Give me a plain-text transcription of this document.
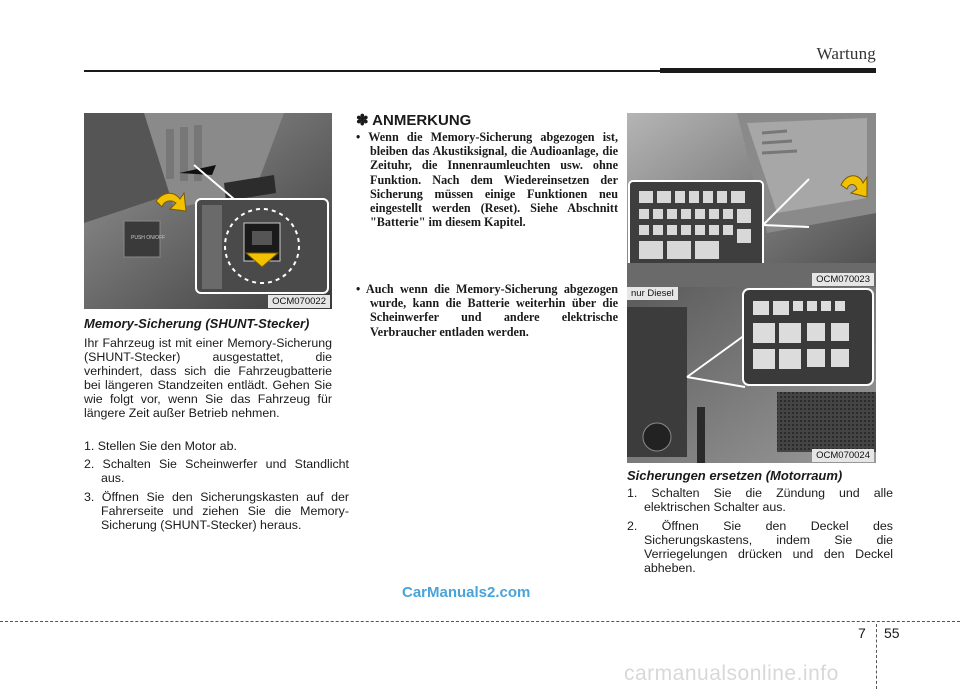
Wartung
PUSH ON/OFF
OCM070022
Memory-Sicherung (SHUNT-Stecker)
Ihr Fahrzeug ist mit einer Memory-Sicherung (SHUNT-Stecker) ausgestattet, die verhindert, dass sich die Fahrzeugbatterie bei längeren Standzeiten entlädt. Gehen Sie wie folgt vor, wenn Sie das Fahrzeug für längere Zeit außer Betrieb nehmen.
1. Stellen Sie den Motor ab.
2. Schalten Sie Scheinwerfer und Standlicht aus.
3. Öffnen Sie den Sicherungskasten auf der Fahrerseite und ziehen Sie die Memory-Sicherung (SHUNT-Stecker) heraus.
✽ ANMERKUNG
• Wenn die Memory-Sicherung abgezogen ist, bleiben das Akustiksignal, die Audioanlage, die Zeituhr, die Innenraumleuchten usw. ohne Funktion. Nach dem Wiedereinsetzen der Sicherung müssen einige Funktionen neu eingestellt werden (Reset). Siehe Abschnitt "Batterie" im diesem Kapitel.
• Auch wenn die Memory-Sicherung abgezogen wurde, kann die Batterie weiterhin über die Scheinwerfer und andere elektrische Verbraucher entladen werden.
OCM070023
nur Diesel
OCM070024
Sicherungen ersetzen (Motorraum)
1. Schalten Sie die Zündung und alle elektrischen Schalter aus.
2. Öffnen Sie den Deckel des Sicherungskastens, indem Sie die Verriegelungen drücken und den Deckel abheben.
CarManuals2.com
carmanualsonline.info
7 55
